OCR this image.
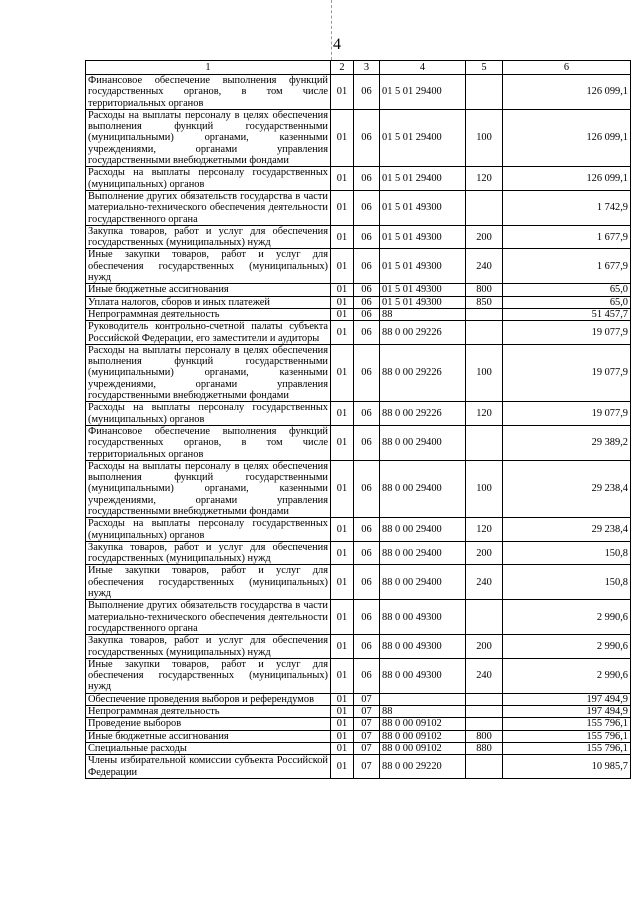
4
1	2	3	4	5	6
Финансовое обеспечение выполнения функций государственных органов, в том числе территориальных органов	01	06	01 5 01 29400		126 099,1
Расходы на выплаты персоналу в целях обеспечения выполнения функций государственными (муниципальными) органами, казенными учреждениями, органами управления государственными внебюджетными фондами	01	06	01 5 01 29400	100	126 099,1
Расходы на выплаты персоналу государственных (муниципальных) органов	01	06	01 5 01 29400	120	126 099,1
Выполнение других обязательств государства в части материально-технического обеспечения деятельности государственного органа	01	06	01 5 01 49300		1 742,9
Закупка товаров, работ и услуг для обеспечения государственных (муниципальных) нужд	01	06	01 5 01 49300	200	1 677,9
Иные закупки товаров, работ и услуг для обеспечения государственных (муниципальных) нужд	01	06	01 5 01 49300	240	1 677,9
Иные бюджетные ассигнования	01	06	01 5 01 49300	800	65,0
Уплата налогов, сборов и иных платежей	01	06	01 5 01 49300	850	65,0
Непрограммная деятельность	01	06	88		51 457,7
Руководитель контрольно-счетной палаты субъекта Российской Федерации, его заместители и аудиторы	01	06	88 0 00 29226		19 077,9
Расходы на выплаты персоналу в целях обеспечения выполнения функций государственными (муниципальными) органами, казенными учреждениями, органами управления государственными внебюджетными фондами	01	06	88 0 00 29226	100	19 077,9
Расходы на выплаты персоналу государственных (муниципальных) органов	01	06	88 0 00 29226	120	19 077,9
Финансовое обеспечение выполнения функций государственных органов, в том числе территориальных органов	01	06	88 0 00 29400		29 389,2
Расходы на выплаты персоналу в целях обеспечения выполнения функций государственными (муниципальными) органами, казенными учреждениями, органами управления государственными внебюджетными фондами	01	06	88 0 00 29400	100	29 238,4
Расходы на выплаты персоналу государственных (муниципальных) органов	01	06	88 0 00 29400	120	29 238,4
Закупка товаров, работ и услуг для обеспечения государственных (муниципальных) нужд	01	06	88 0 00 29400	200	150,8
Иные закупки товаров, работ и услуг для обеспечения государственных (муниципальных) нужд	01	06	88 0 00 29400	240	150,8
Выполнение других обязательств государства в части материально-технического обеспечения деятельности государственного органа	01	06	88 0 00 49300		2 990,6
Закупка товаров, работ и услуг для обеспечения государственных (муниципальных) нужд	01	06	88 0 00 49300	200	2 990,6
Иные закупки товаров, работ и услуг для обеспечения государственных (муниципальных) нужд	01	06	88 0 00 49300	240	2 990,6
Обеспечение проведения выборов и референдумов	01	07			197 494,9
Непрограммная деятельность	01	07	88		197 494,9
Проведение выборов	01	07	88 0 00 09102		155 796,1
Иные бюджетные ассигнования	01	07	88 0 00 09102	800	155 796,1
Специальные расходы	01	07	88 0 00 09102	880	155 796,1
Члены избирательной комиссии субъекта Российской Федерации	01	07	88 0 00 29220		10 985,7
